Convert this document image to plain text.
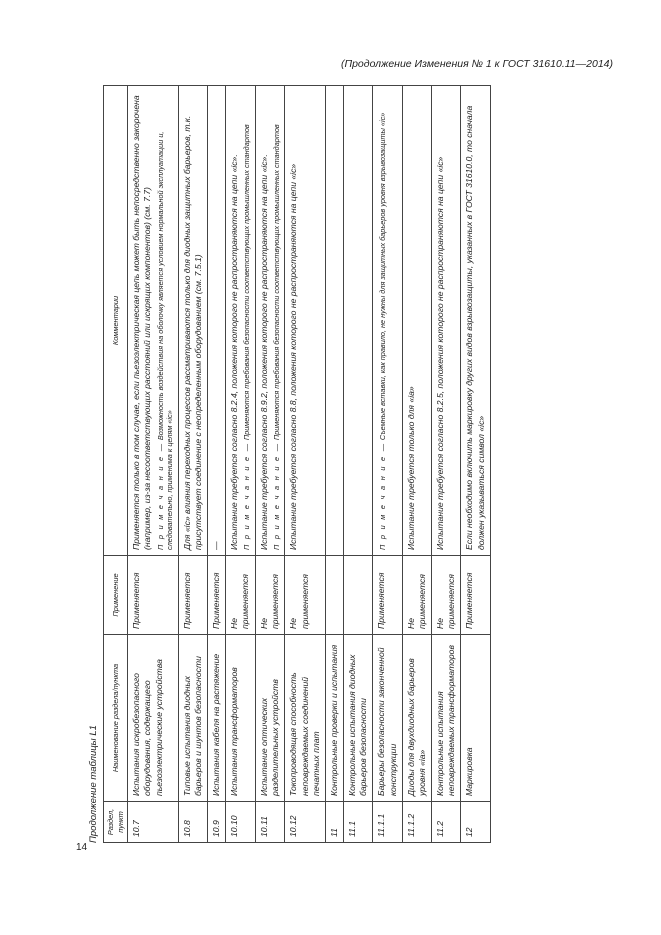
(Продолжение Изменения № 1 к ГОСТ 31610.11—2014)
14
Продолжение таблицы L1 Раздел, пункт	Наименование раздела/пункта	Применение	Комментарии
10.7	Испытания искробезопасного оборудования, содержащего пьезоэлектрические устройства	Применяется	Применяется только в том случае, если пьезоэлектрическая цепь может быть непосредственно закорочена (например, из-за несоответствующих расстояний или искрящих компонентов) (см. 7.7) П р и м е ч а н и е — Возможность воздействия на оболочку является условием нормальной эксплуатации и, следовательно, применима к целям «ic»

10.8	Типовые испытания диодных барьеров и шунтов безопасности	Применяется	Для «ic» влияния переходных процессов рассматриваются только для диодных защитных барьеров, т.к. присутствует соединение с неопределенным оборудованием (см. 7.5.1)
10.9	Испытания кабеля на растяжение	Применяется	—
10.10	Испытания трансформаторов	Не применяется	Испытание требуется согласно 8.2.4, положения которого не распространяются на цепи «ic». П р и м е ч а н и е — Применяются требования безопасности соответствующих промышленных стандартов

10.11	Испытание оптических разделительных устройств	Не применяется	Испытание требуется согласно 8.9.2, положения которого не распространяются на цепи «ic». П р и м е ч а н и е — Применяются требования безопасности соответствующих промышленных стандартов

10.12	Токопроводящая способность неповреждаемых соединений печатных плат	Не применяется	Испытание требуется согласно 8.8, положения которого не распространяются на цепи «ic»
11	Контрольные проверки и испытания		
11.1	Контрольные испытания диодных барьеров безопасности		
11.1.1	Барьеры безопасности законченной конструкции	Применяется	П р и м е ч а н и е — Съемные вставки, как правило, не нужны для защитных барьеров уровня взрывозащиты «ic»

11.1.2	Диоды для двухдиодных барьеров уровня «ia»	Не применяется	Испытание требуется только для «ia»
11.2	Контрольные испытания неповреждаемых трансформаторов	Не применяется	Испытание требуется согласно 8.2.5, положения которого не распространяются на цепи «ic»
12	Маркировка	Применяется	Если необходимо включить маркировку других видов взрывозащиты, указанных в ГОСТ 31610.0, то сначала должен указываться символ «ic»
